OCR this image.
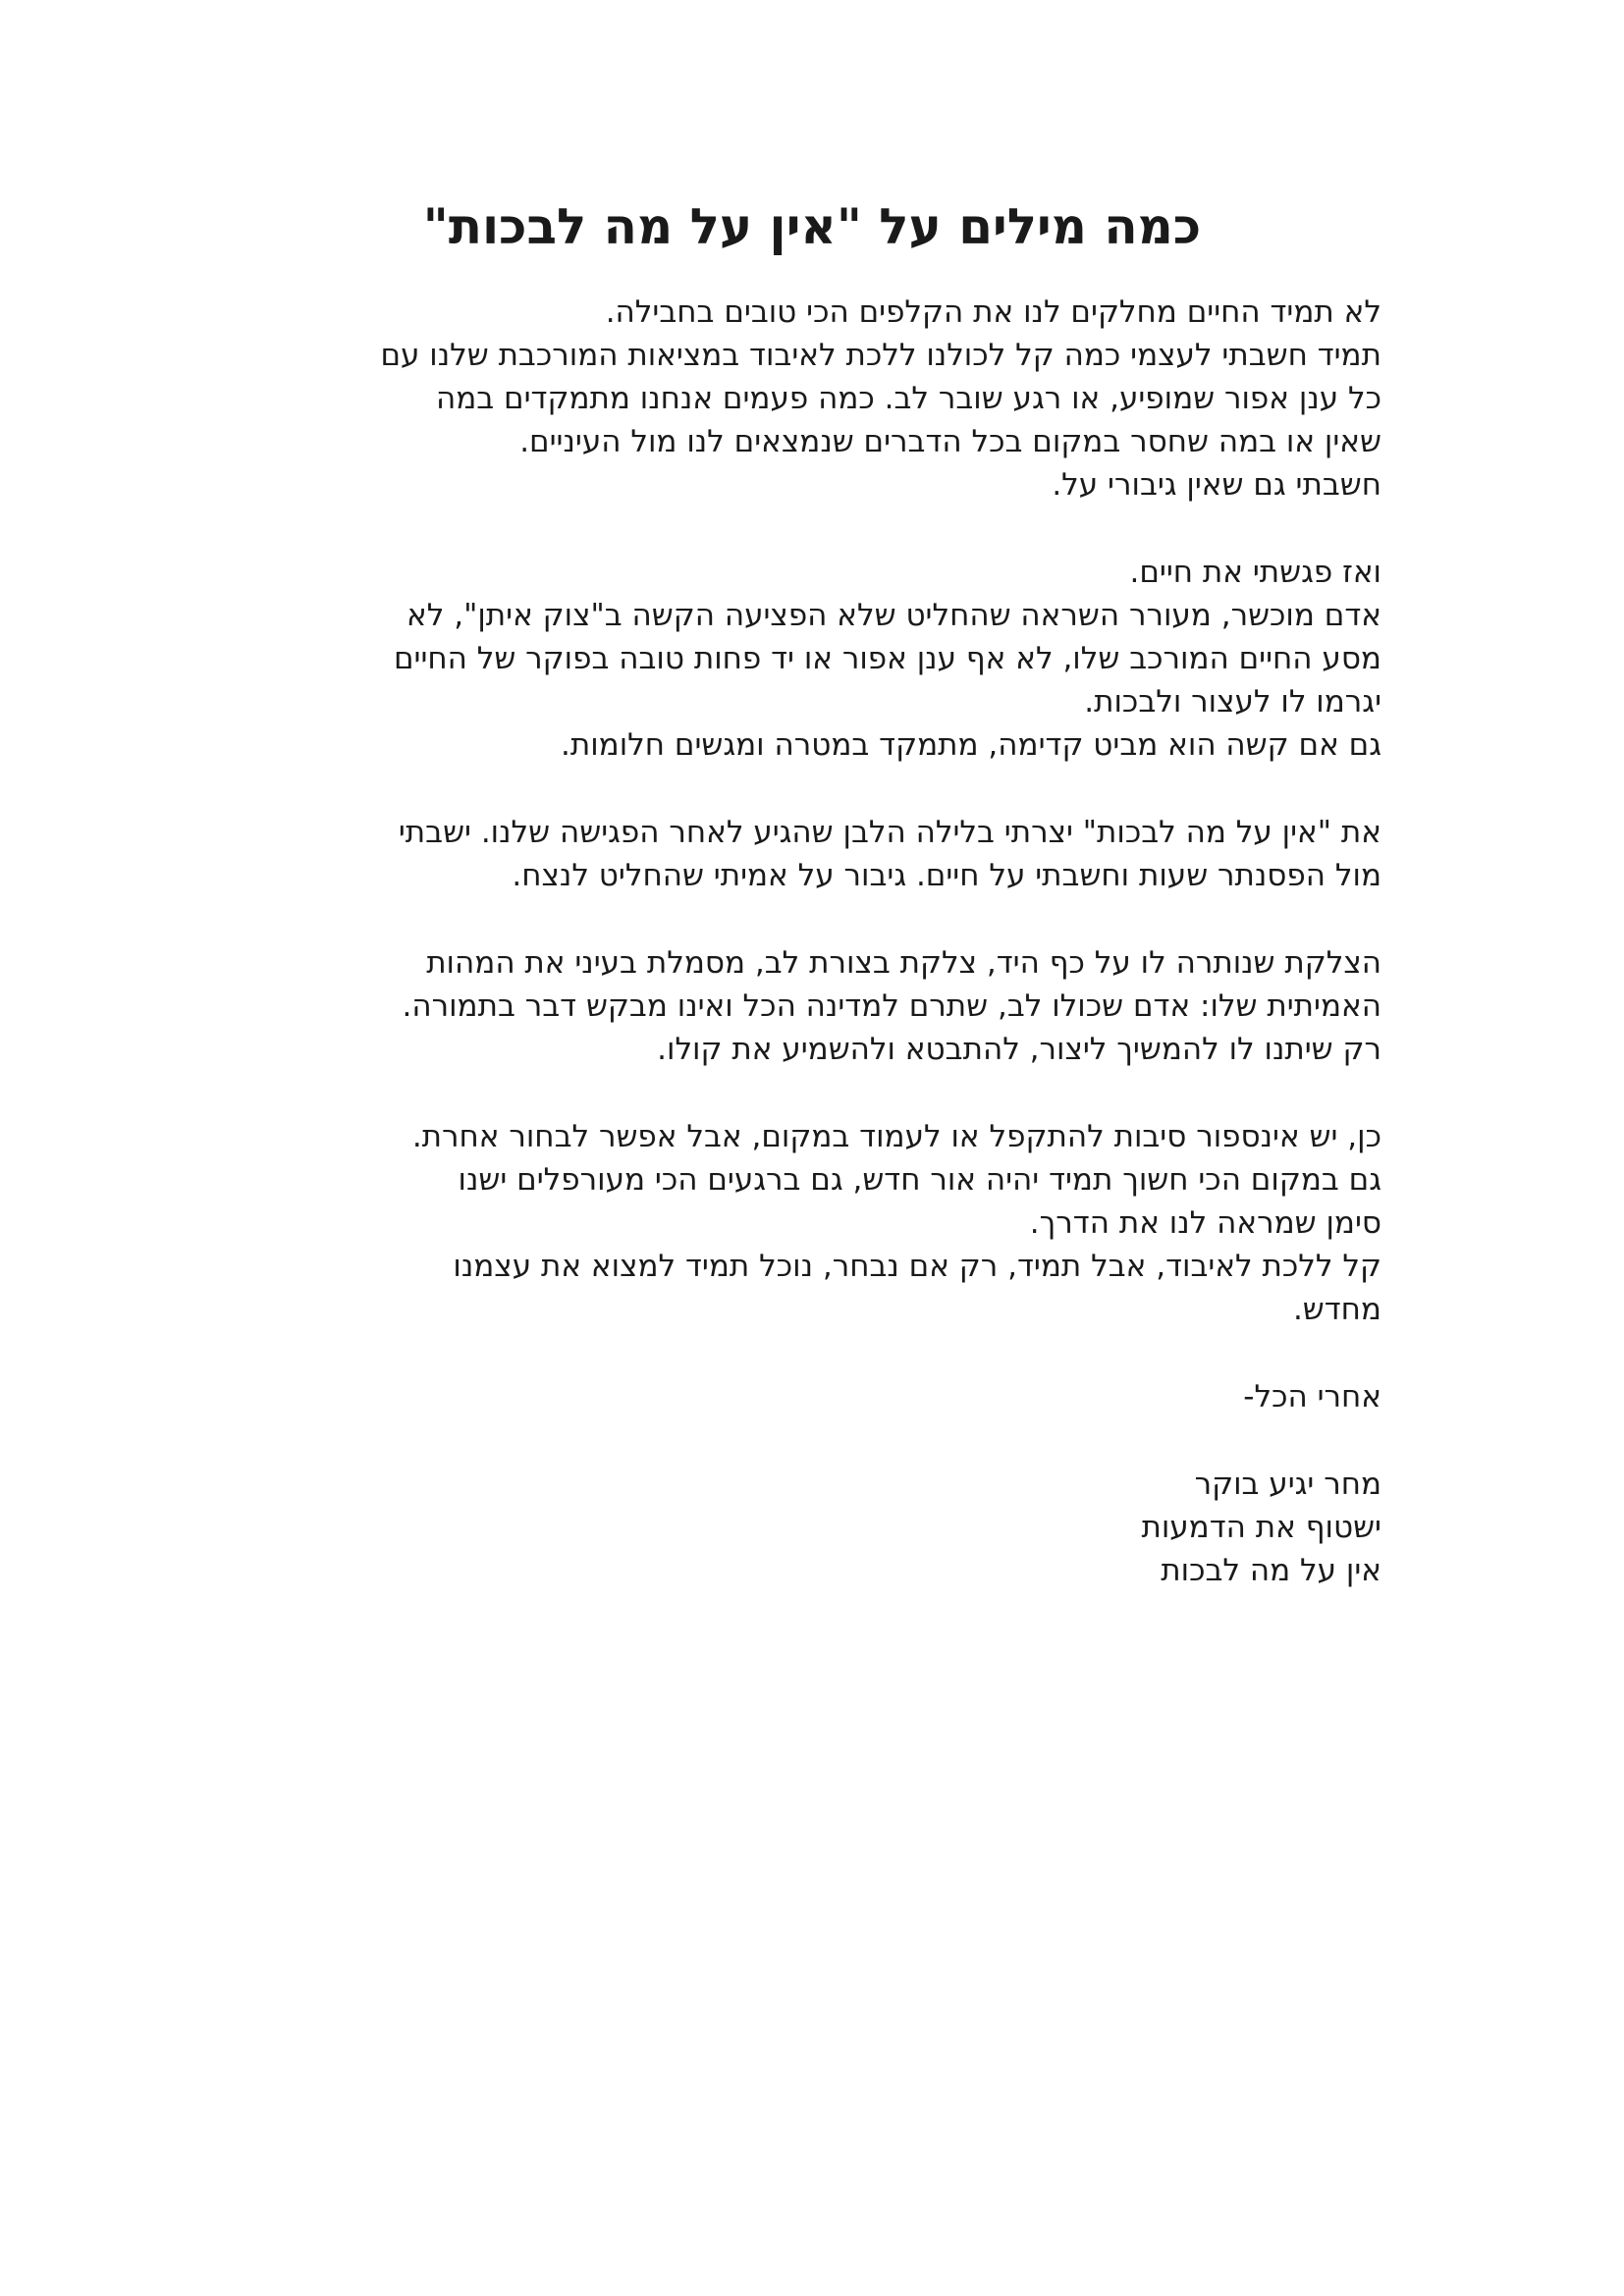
כמה מילים על "אין על מה לבכות"

לא תמיד החיים מחלקים לנו את הקלפים הכי טובים בחבילה.
תמיד חשבתי לעצמי כמה קל לכולנו ללכת לאיבוד במציאות המורכבת שלנו עם
כל ענן אפור שמופיע, או רגע שובר לב. כמה פעמים אנחנו מתמקדים במה
שאין או במה שחסר במקום בכל הדברים שנמצאים לנו מול העיניים.
חשבתי גם שאין גיבורי על.

ואז פגשתי את חיים.
אדם מוכשר, מעורר השראה שהחליט שלא הפציעה הקשה ב"צוק איתן", לא
מסע החיים המורכב שלו, לא אף ענן אפור או יד פחות טובה בפוקר של החיים
יגרמו לו לעצור ולבכות.
גם אם קשה הוא מביט קדימה, מתמקד במטרה ומגשים חלומות.

את "אין על מה לבכות" יצרתי בלילה הלבן שהגיע לאחר הפגישה שלנו. ישבתי
מול הפסנתר שעות וחשבתי על חיים. גיבור על אמיתי שהחליט לנצח.

הצלקת שנותרה לו על כף היד, צלקת בצורת לב, מסמלת בעיני את המהות
האמיתית שלו: אדם שכולו לב, שתרם למדינה הכל ואינו מבקש דבר בתמורה.
רק שיתנו לו להמשיך ליצור, להתבטא ולהשמיע את קולו.

כן, יש אינספור סיבות להתקפל או לעמוד במקום, אבל אפשר לבחור אחרת.
גם במקום הכי חשוך תמיד יהיה אור חדש, גם ברגעים הכי מעורפלים ישנו
סימן שמראה לנו את הדרך.
קל ללכת לאיבוד, אבל תמיד, רק אם נבחר, נוכל תמיד למצוא את עצמנו
מחדש.

אחרי הכל-

מחר יגיע בוקר
ישטוף את הדמעות
אין על מה לבכות
